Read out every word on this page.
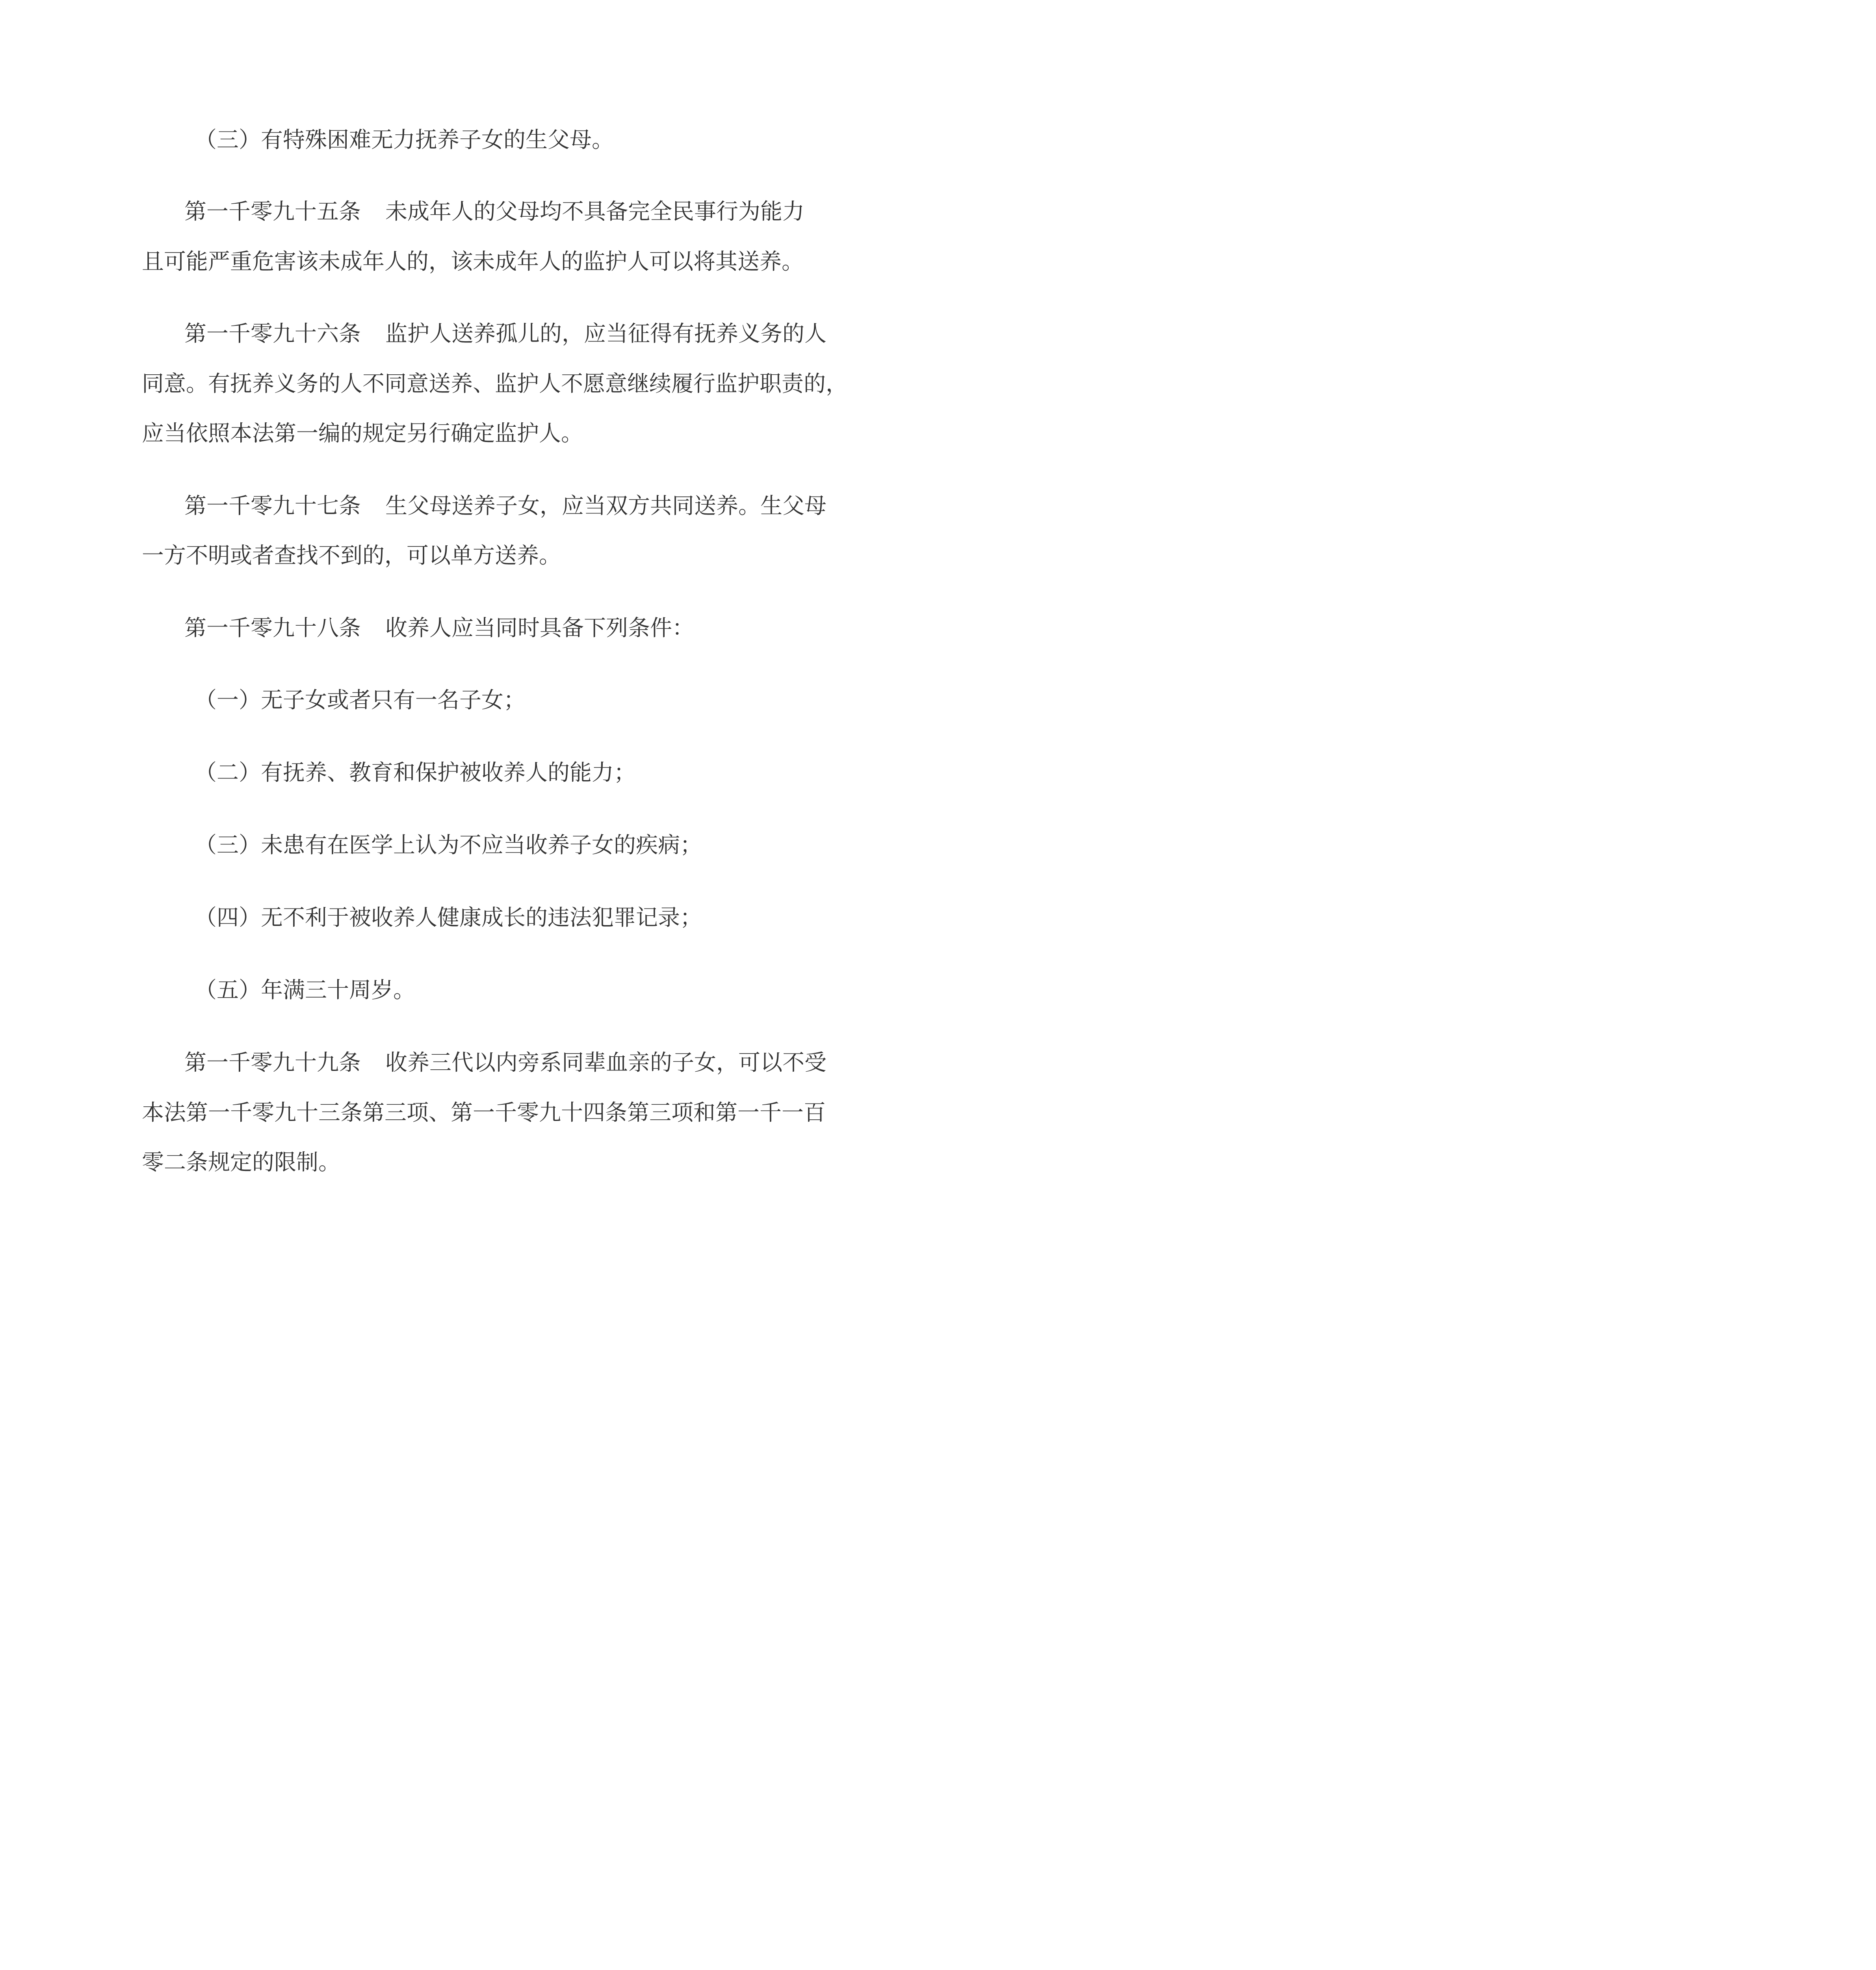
（三）有特殊困难无力抚养子女的生父母。
第一千零九十五条 未成年人的父母均不具备完全民事行为能力
且可能严重危害该未成年人的，该未成年人的监护人可以将其送养。
第一千零九十六条 监护人送养孤儿的，应当征得有抚养义务的人
同意。有抚养义务的人不同意送养、监护人不愿意继续履行监护职责的，
应当依照本法第一编的规定另行确定监护人。
第一千零九十七条 生父母送养子女，应当双方共同送养。生父母
一方不明或者查找不到的，可以单方送养。
第一千零九十八条 收养人应当同时具备下列条件：
（一）无子女或者只有一名子女；
（二）有抚养、教育和保护被收养人的能力；
（三）未患有在医学上认为不应当收养子女的疾病；
（四）无不利于被收养人健康成长的违法犯罪记录；
（五）年满三十周岁。
第一千零九十九条 收养三代以内旁系同辈血亲的子女，可以不受
本法第一千零九十三条第三项、第一千零九十四条第三项和第一千一百
零二条规定的限制。
